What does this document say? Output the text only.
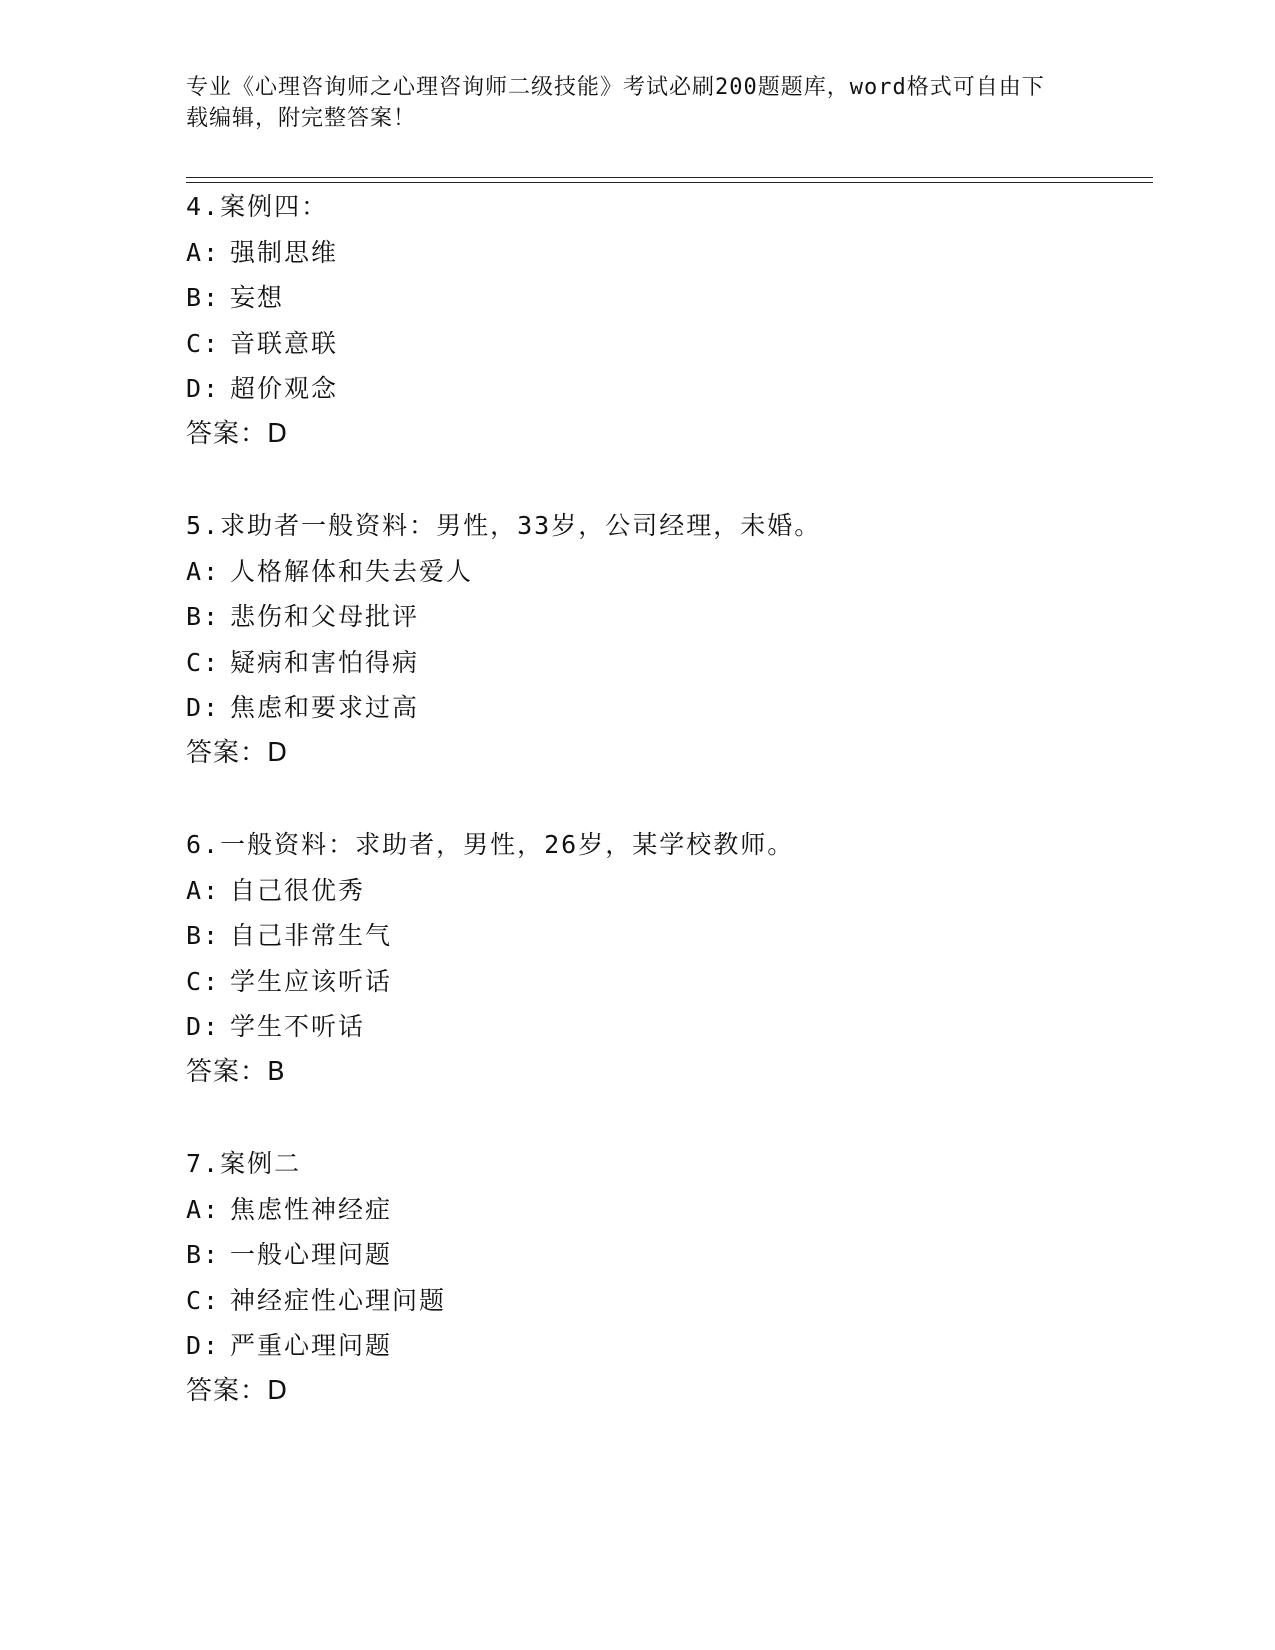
专业《心理咨询师之心理咨询师二级技能》考试必刷200题题库，word格式可自由下载编辑，附完整答案！
4.案例四：
A: 强制思维
B: 妄想
C: 音联意联
D: 超价观念
答案：D
5.求助者一般资料：男性，33岁，公司经理，未婚。
A: 人格解体和失去爱人
B: 悲伤和父母批评
C: 疑病和害怕得病
D: 焦虑和要求过高
答案：D
6.一般资料：求助者，男性，26岁，某学校教师。
A: 自己很优秀
B: 自己非常生气
C: 学生应该听话
D: 学生不听话
答案：B
7.案例二
A: 焦虑性神经症
B: 一般心理问题
C: 神经症性心理问题
D: 严重心理问题
答案：D
